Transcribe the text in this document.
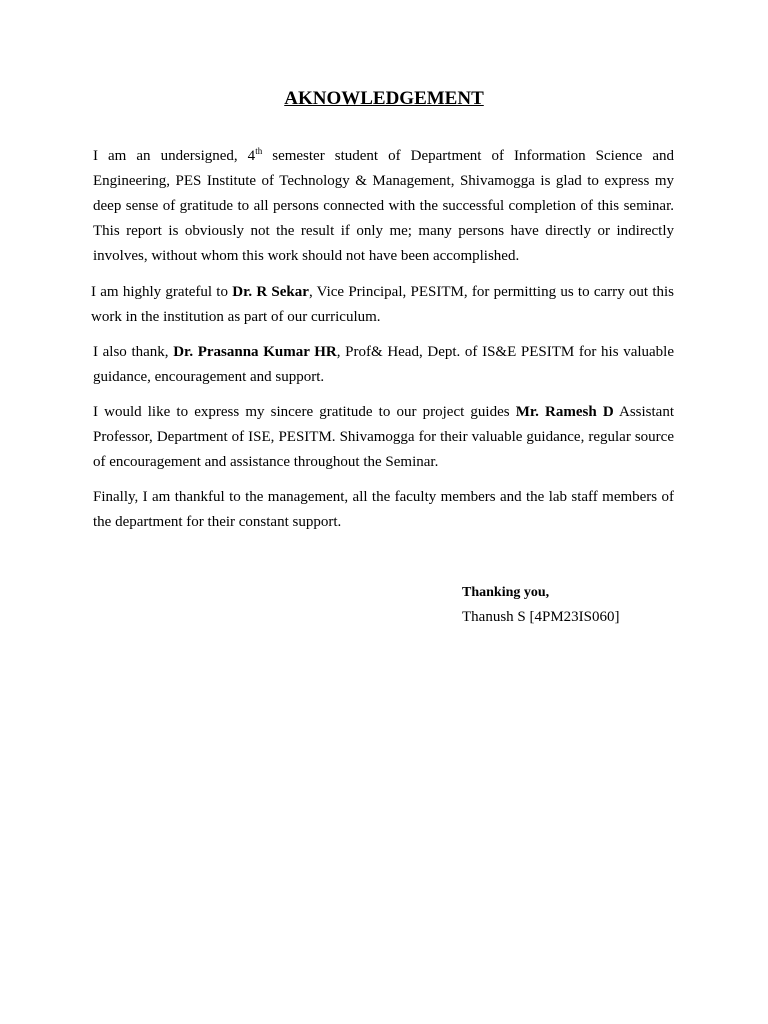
AKNOWLEDGEMENT

I am an undersigned, 4th semester student of Department of Information Science and Engineering, PES Institute of Technology & Management, Shivamogga is glad to express my deep sense of gratitude to all persons connected with the successful completion of this seminar. This report is obviously not the result if only me; many persons have directly or indirectly involves, without whom this work should not have been accomplished.

I am highly grateful to Dr. R Sekar, Vice Principal, PESITM, for permitting us to carry out this work in the institution as part of our curriculum.

I also thank, Dr. Prasanna Kumar HR, Prof& Head, Dept. of IS&E PESITM for his valuable guidance, encouragement and support.

I would like to express my sincere gratitude to our project guides Mr. Ramesh D Assistant Professor, Department of ISE, PESITM. Shivamogga for their valuable guidance, regular source of encouragement and assistance throughout the Seminar.

Finally, I am thankful to the management, all the faculty members and the lab staff members of the department for their constant support.

Thanking you,
Thanush S [4PM23IS060]
